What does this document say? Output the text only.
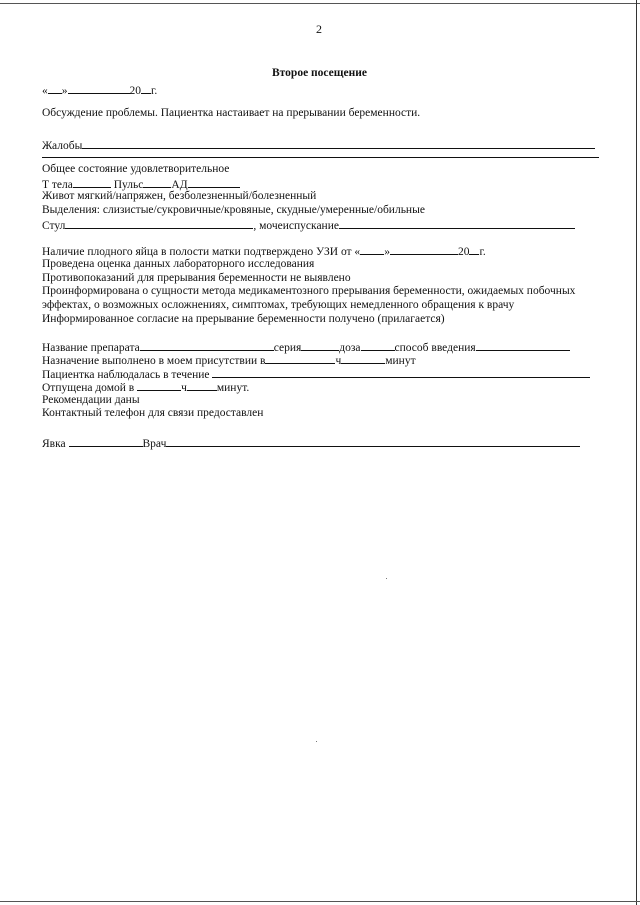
2
Второе посещение
« »	20 г.
Обсуждение проблемы. Пациентка настаивает на прерывании беременности.
Жалобы
Общее состояние удовлетворительное
Т тела	Пульс АД
Живот мягкий/напряжен, безболезненный/болезненный
Выделения: слизистые/сукровичные/кровяные, скудные/умеренные/обильные
Стул	, мочеиспускание
Наличие плодного яйца в полости матки подтверждено УЗИ от « »	20 г.
Проведена оценка данных лабораторного исследования
Противопоказаний для прерывания беременности не выявлено
Проинформирована о сущности метода медикаментозного прерывания беременности, ожидаемых побочных
эффектах, о возможных осложнениях, симптомах, требующих немедленного обращения к врачу
Информированное согласие на прерывание беременности получено (прилагается)
Название препарата	серия	доза	способ введения
Назначение выполнено в моем присутствии в	ч	минут
Пациентка наблюдалась в течение
Отпущена домой в	ч	минут.
Рекомендации даны
Контактный телефон для связи предоставлен
Явка	Врач
